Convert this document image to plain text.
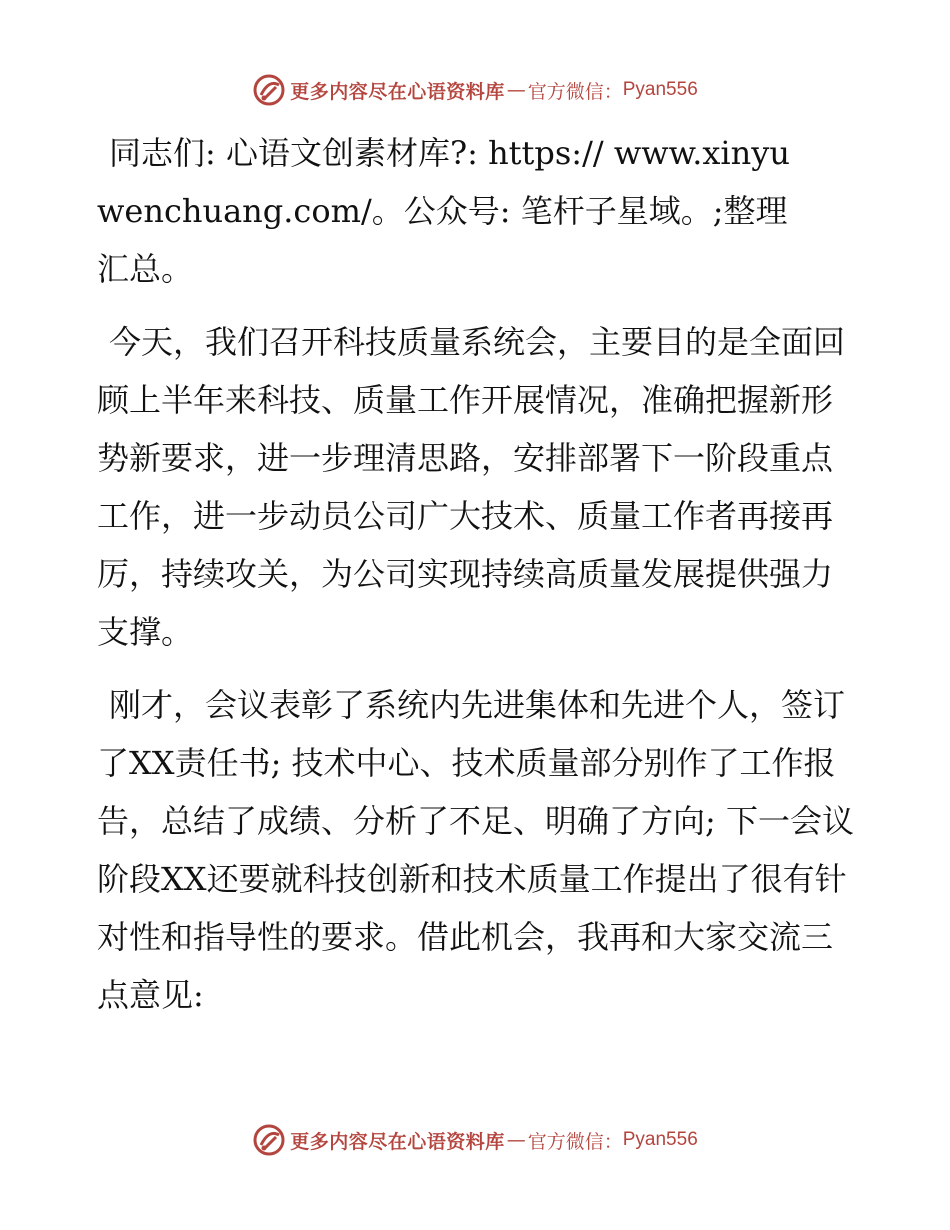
更多内容尽在心语资料库 — 官方微信： Pyan556

同志们: 心语文创素材库?: https:// www.xinyuwenchuang.com/。公众号: 笔杆子星域。;整理汇总。

今天，我们召开科技质量系统会，主要目的是全面回顾上半年来科技、质量工作开展情况，准确把握新形势新要求，进一步理清思路，安排部署下一阶段重点工作，进一步动员公司广大技术、质量工作者再接再厉，持续攻关，为公司实现持续高质量发展提供强力支撑。

刚才，会议表彰了系统内先进集体和先进个人，签订了XX责任书; 技术中心、技术质量部分别作了工作报告，总结了成绩、分析了不足、明确了方向; 下一会议阶段XX还要就科技创新和技术质量工作提出了很有针对性和指导性的要求。借此机会，我再和大家交流三点意见:

更多内容尽在心语资料库 — 官方微信： Pyan556
